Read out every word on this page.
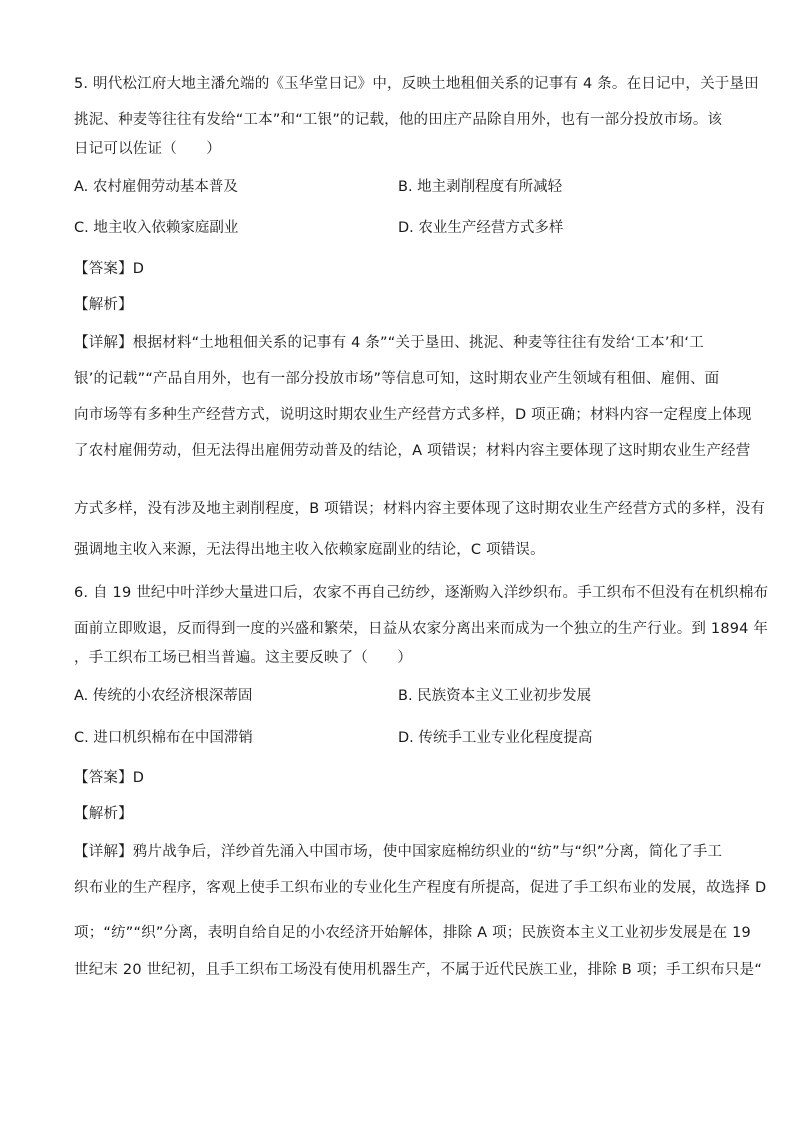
5. 明代松江府大地主潘允端的《玉华堂日记》中，反映土地租佃关系的记事有 4 条。在日记中，关于垦田
挑泥、种麦等往往有发给“工本”和“工银”的记载，他的田庄产品除自用外，也有一部分投放市场。该
日记可以佐证（　　）
A. 农村雇佣劳动基本普及	B. 地主剥削程度有所减轻
C. 地主收入依赖家庭副业	D. 农业生产经营方式多样
【答案】D
【解析】
【详解】根据材料“土地租佃关系的记事有 4 条”“关于垦田、挑泥、种麦等往往有发给‘工本’和‘工
银’的记载”“产品自用外，也有一部分投放市场”等信息可知，这时期农业产生领域有租佃、雇佣、面
向市场等有多种生产经营方式，说明这时期农业生产经营方式多样，D 项正确；材料内容一定程度上体现
了农村雇佣劳动，但无法得出雇佣劳动普及的结论，A 项错误；材料内容主要体现了这时期农业生产经营
方式多样，没有涉及地主剥削程度，B 项错误；材料内容主要体现了这时期农业生产经营方式的多样，没有
强调地主收入来源，无法得出地主收入依赖家庭副业的结论，C 项错误。
6. 自 19 世纪中叶洋纱大量进口后，农家不再自己纺纱，逐渐购入洋纱织布。手工织布不但没有在机织棉布
面前立即败退，反而得到一度的兴盛和繁荣，日益从农家分离出来而成为一个独立的生产行业。到 1894 年
，手工织布工场已相当普遍。这主要反映了（　　）
A. 传统的小农经济根深蒂固	B. 民族资本主义工业初步发展
C. 进口机织棉布在中国滞销	D. 传统手工业专业化程度提高
【答案】D
【解析】
【详解】鸦片战争后，洋纱首先涌入中国市场，使中国家庭棉纺织业的“纺”与“织”分离，简化了手工
织布业的生产程序，客观上使手工织布业的专业化生产程度有所提高，促进了手工织布业的发展，故选择 D
项；“纺”“织”分离，表明自给自足的小农经济开始解体，排除 A 项；民族资本主义工业初步发展是在 19
世纪末 20 世纪初，且手工织布工场没有使用机器生产，不属于近代民族工业，排除 B 项；手工织布只是“
